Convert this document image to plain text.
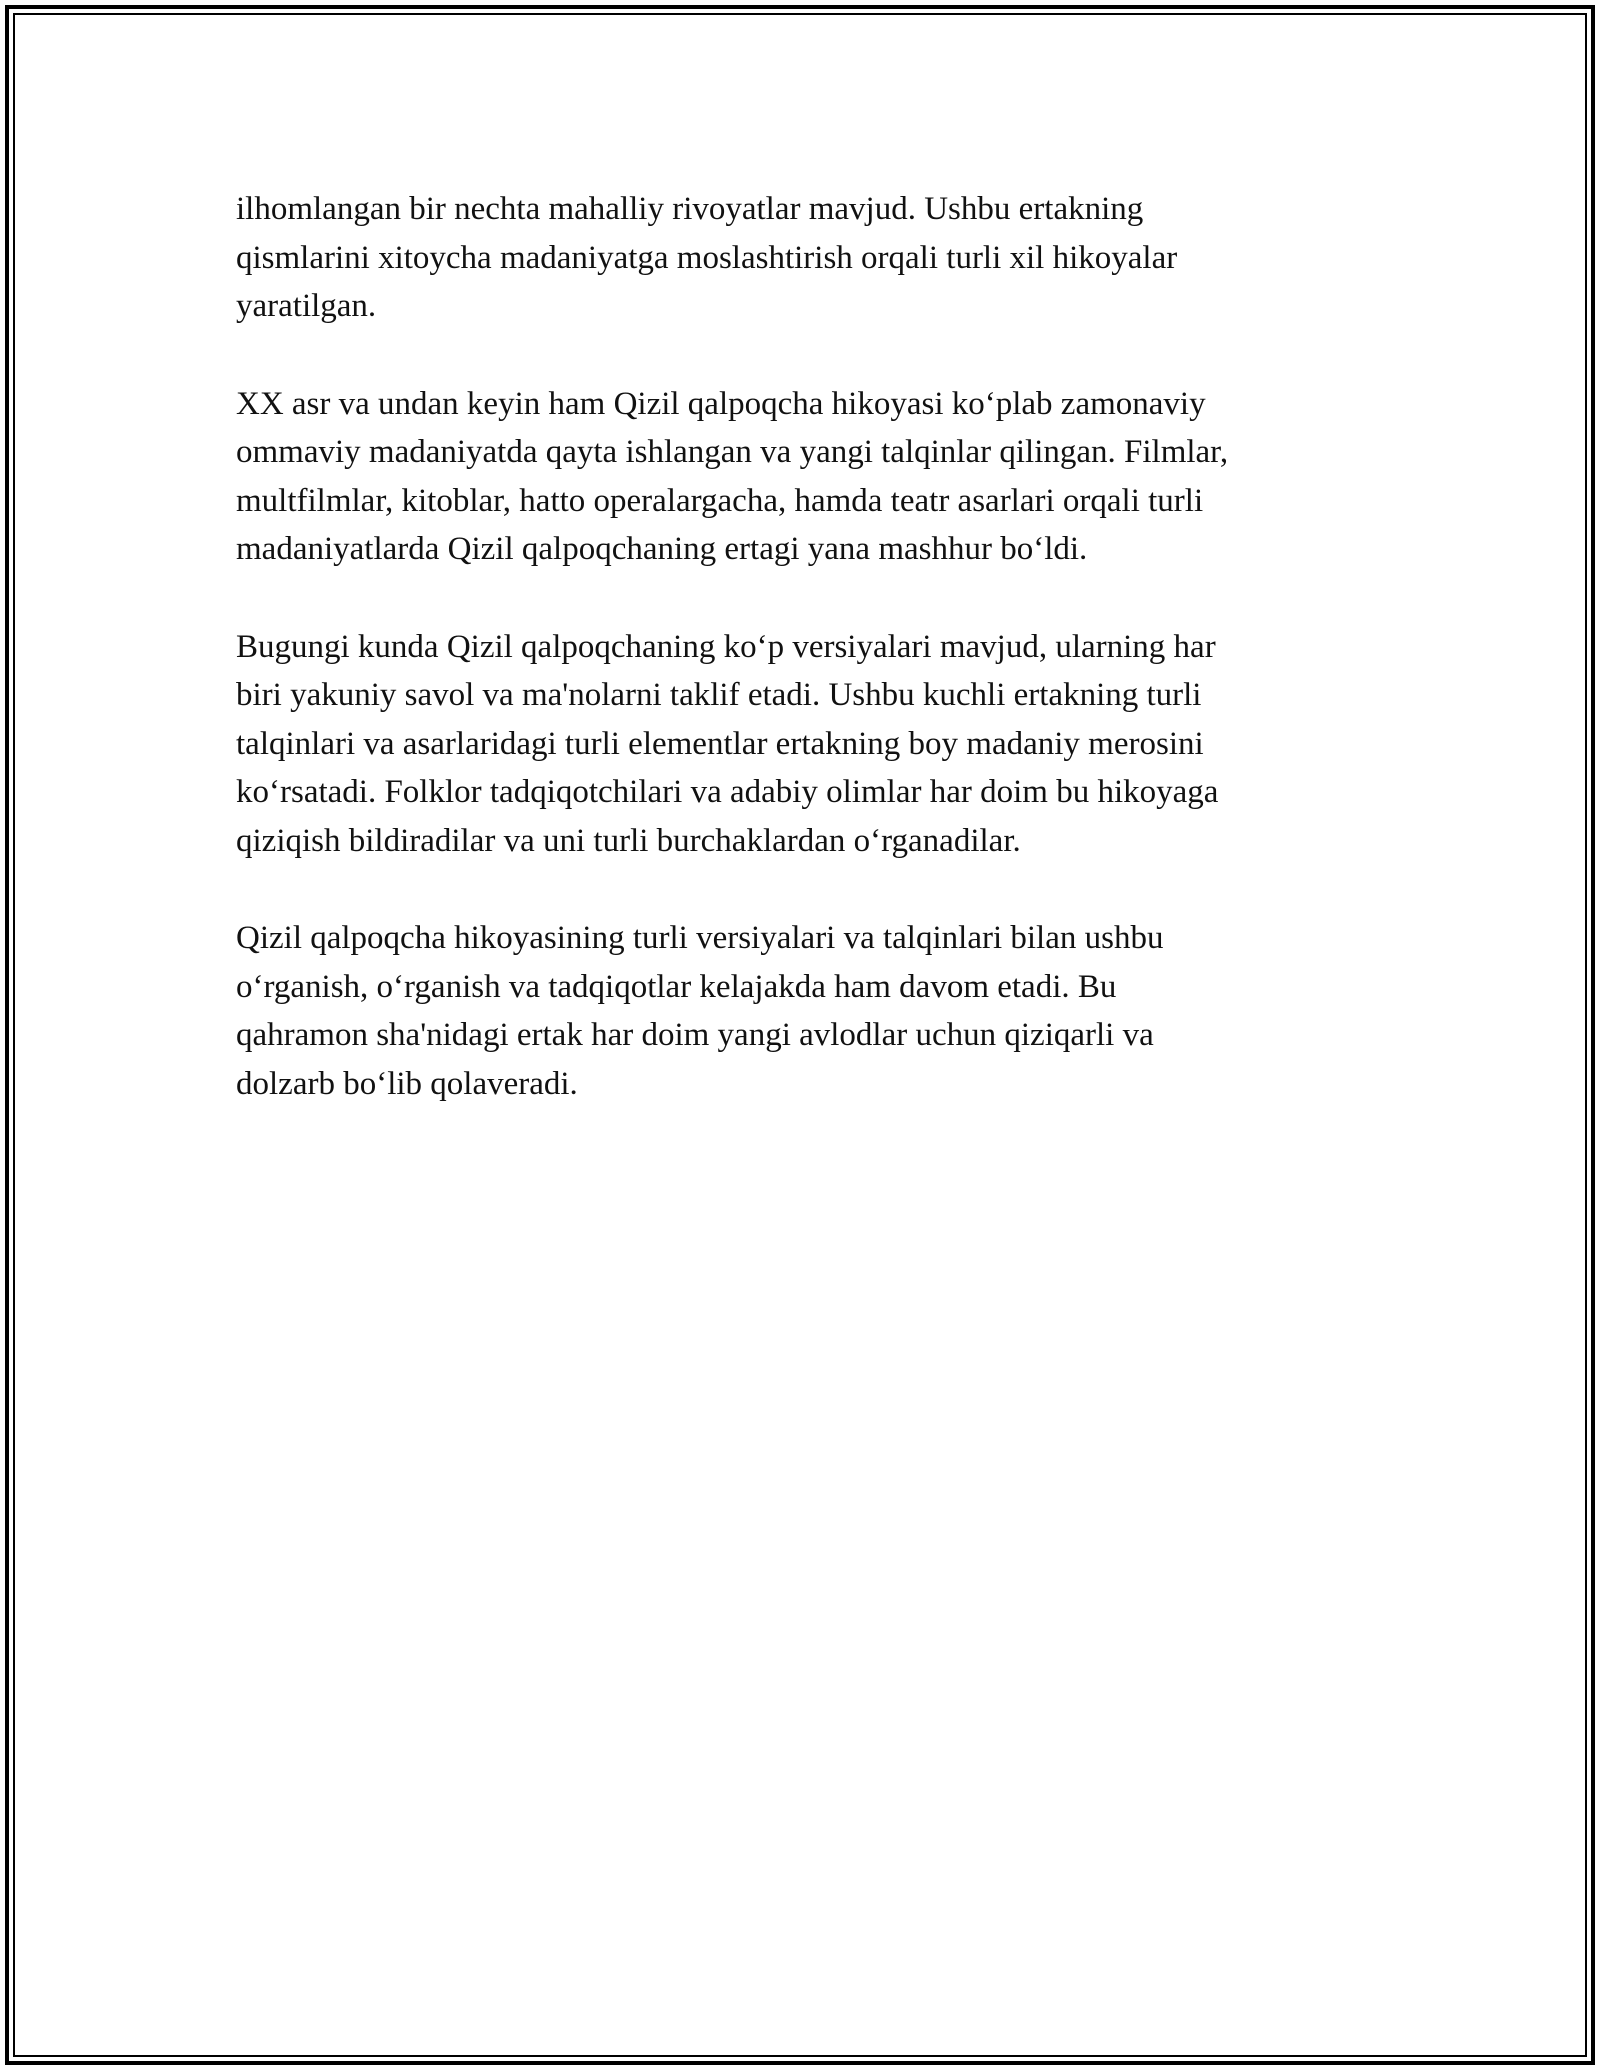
ilhomlangan bir nechta mahalliy rivoyatlar mavjud. Ushbu ertakning
qismlarini xitoycha madaniyatga moslashtirish orqali turli xil hikoyalar
yaratilgan.

XX asr va undan keyin ham Qizil qalpoqcha hikoyasi ko‘plab zamonaviy
ommaviy madaniyatda qayta ishlangan va yangi talqinlar qilingan. Filmlar,
multfilmlar, kitoblar, hatto operalargacha, hamda teatr asarlari orqali turli
madaniyatlarda Qizil qalpoqchaning ertagi yana mashhur bo‘ldi.

Bugungi kunda Qizil qalpoqchaning ko‘p versiyalari mavjud, ularning har
biri yakuniy savol va ma'nolarni taklif etadi. Ushbu kuchli ertakning turli
talqinlari va asarlaridagi turli elementlar ertakning boy madaniy merosini
ko‘rsatadi. Folklor tadqiqotchilari va adabiy olimlar har doim bu hikoyaga
qiziqish bildiradilar va uni turli burchaklardan o‘rganadilar.

Qizil qalpoqcha hikoyasining turli versiyalari va talqinlari bilan ushbu
o‘rganish, o‘rganish va tadqiqotlar kelajakda ham davom etadi. Bu
qahramon sha'nidagi ertak har doim yangi avlodlar uchun qiziqarli va
dolzarb bo‘lib qolaveradi.
